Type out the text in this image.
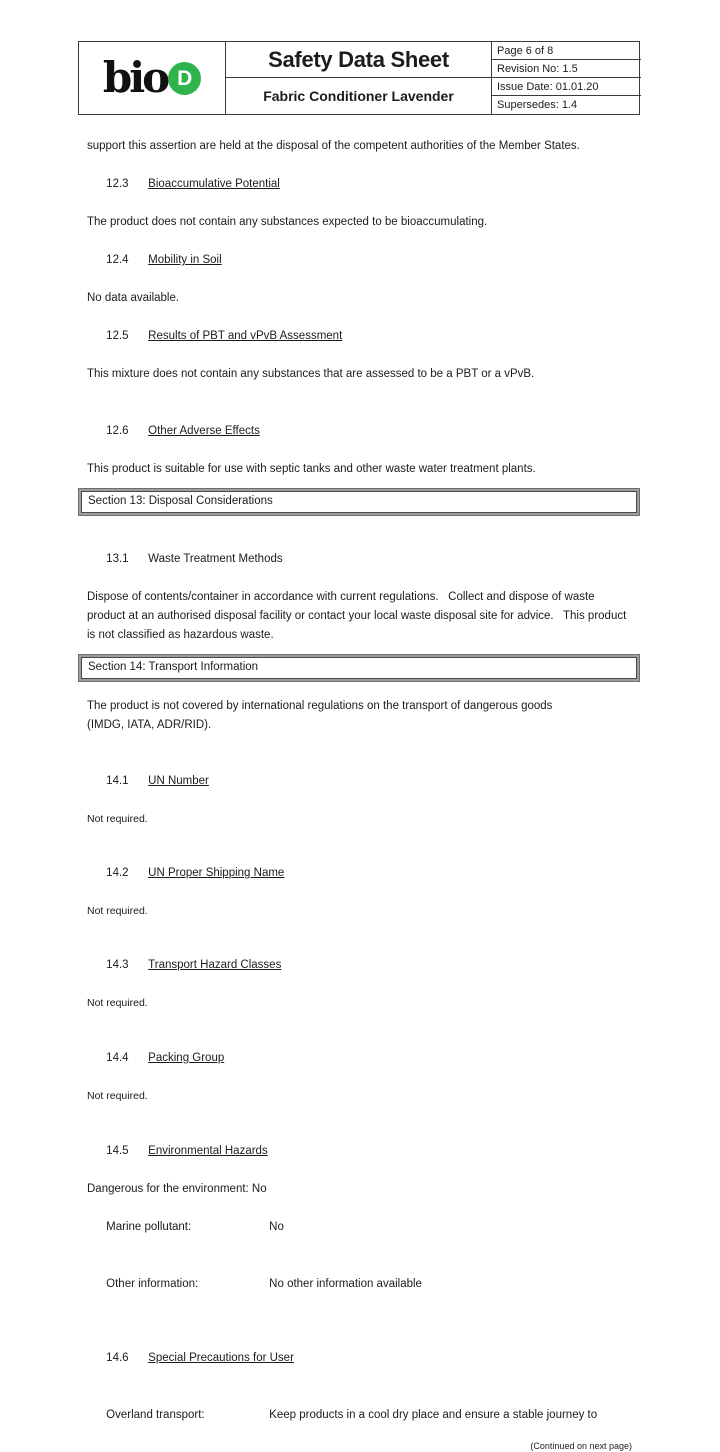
bio D
Safety Data Sheet
Fabric Conditioner Lavender
Page 6 of 8
Revision No: 1.5
Issue Date: 01.01.20
Supersedes: 1.4
support this assertion are held at the disposal of the competent authorities of the Member States.

12.3 Bioaccumulative Potential

The product does not contain any substances expected to be bioaccumulating.

12.4 Mobility in Soil

No data available.

12.5 Results of PBT and vPvB Assessment

This mixture does not contain any substances that are assessed to be a PBT or a vPvB.

12.6 Other Adverse Effects

This product is suitable for use with septic tanks and other waste water treatment plants.
Section 13: Disposal Considerations

13.1 Waste Treatment Methods

Dispose of contents/container in accordance with current regulations.   Collect and dispose of waste product at an authorised disposal facility or contact your local waste disposal site for advice.   This product is not classified as hazardous waste.
Section 14: Transport Information
The product is not covered by international regulations on the transport of dangerous goods
(IMDG, IATA, ADR/RID).

14.1 UN Number

Not required.

14.2 UN Proper Shipping Name

Not required.

14.3 Transport Hazard Classes

Not required.

14.4 Packing Group

Not required.

14.5 Environmental Hazards

Dangerous for the environment: No

Marine pollutant:	No

Other information:	No other information available

14.6 Special Precautions for User

Overland transport:	Keep products in a cool dry place and ensure a stable journey to

(Continued on next page)
